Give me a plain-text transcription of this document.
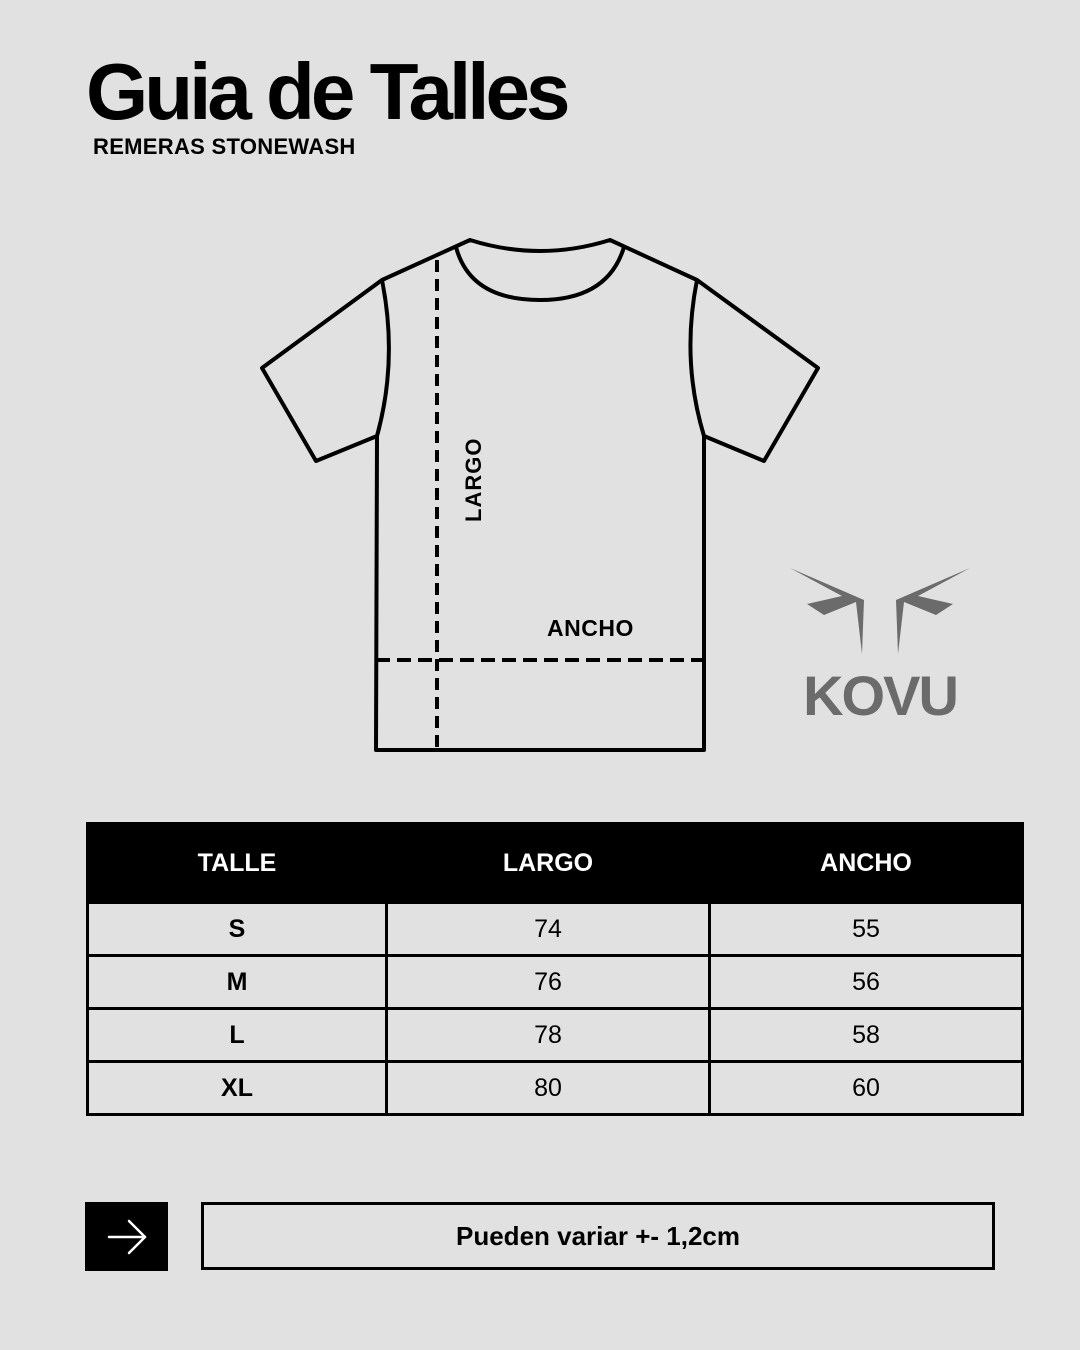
Guia de Talles
REMERAS STONEWASH
LARGO
ANCHO
KOVU
TALLE	LARGO	ANCHO
S	74	55
M	76	56
L	78	58
XL	80	60
Pueden variar +- 1,2cm
